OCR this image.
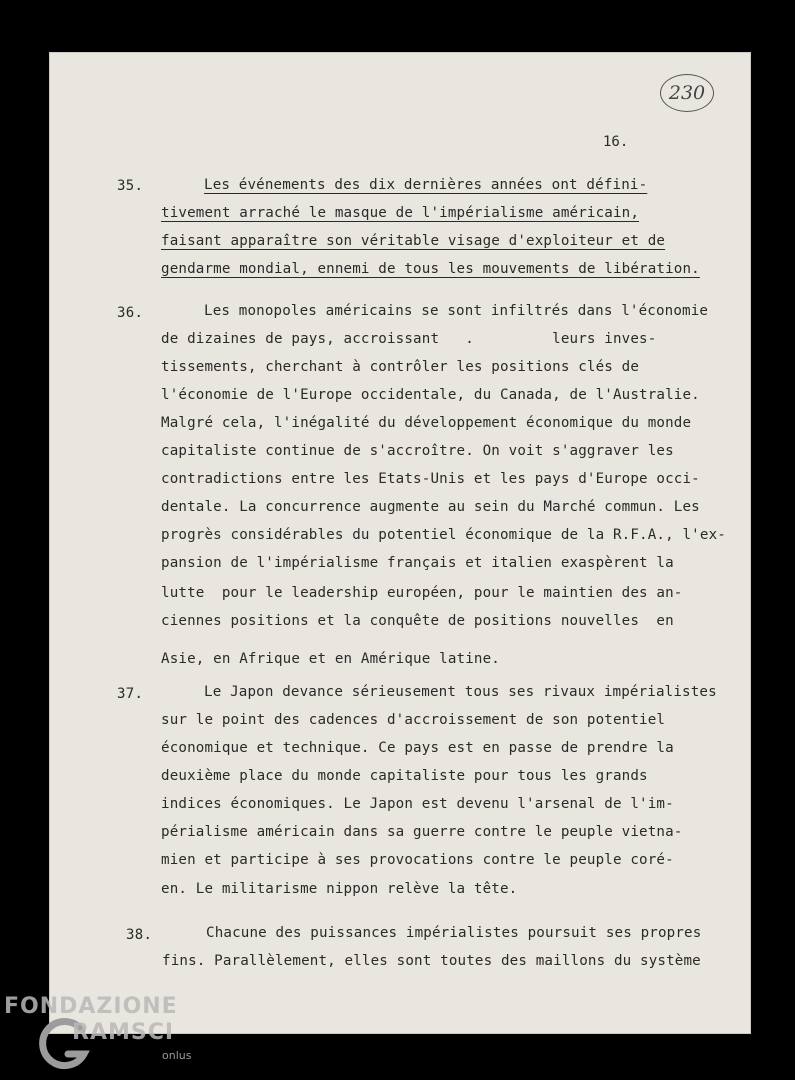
230
16.
35.	Les événements des dix dernières années ont défini-
tivement arraché le masque de l'impérialisme américain,
faisant apparaître son véritable visage d'exploiteur et de
gendarme mondial, ennemi de tous les mouvements de libération.
36.	Les monopoles américains se sont infiltrés dans l'économie
de dizaines de pays, accroissant   .         leurs inves-
tissements, cherchant à contrôler les positions clés de
l'économie de l'Europe occidentale, du Canada, de l'Australie.
Malgré cela, l'inégalité du développement économique du monde
capitaliste continue de s'accroître. On voit s'aggraver les
contradictions entre les Etats-Unis et les pays d'Europe occi-
dentale. La concurrence augmente au sein du Marché commun. Les
progrès considérables du potentiel économique de la R.F.A., l'ex-
pansion de l'impérialisme français et italien exaspèrent la
lutte  pour le leadership européen, pour le maintien des an-
ciennes positions et la conquête de positions nouvelles  en
Asie, en Afrique et en Amérique latine.
37.	Le Japon devance sérieusement tous ses rivaux impérialistes
sur le point des cadences d'accroissement de son potentiel
économique et technique. Ce pays est en passe de prendre la
deuxième place du monde capitaliste pour tous les grands
indices économiques. Le Japon est devenu l'arsenal de l'im-
périalisme américain dans sa guerre contre le peuple vietna-
mien et participe à ses provocations contre le peuple coré-
en. Le militarisme nippon relève la tête.
38.	Chacune des puissances impérialistes poursuit ses propres
fins. Parallèlement, elles sont toutes des maillons du système
FONDAZIONE
RAMSCI
onlus
